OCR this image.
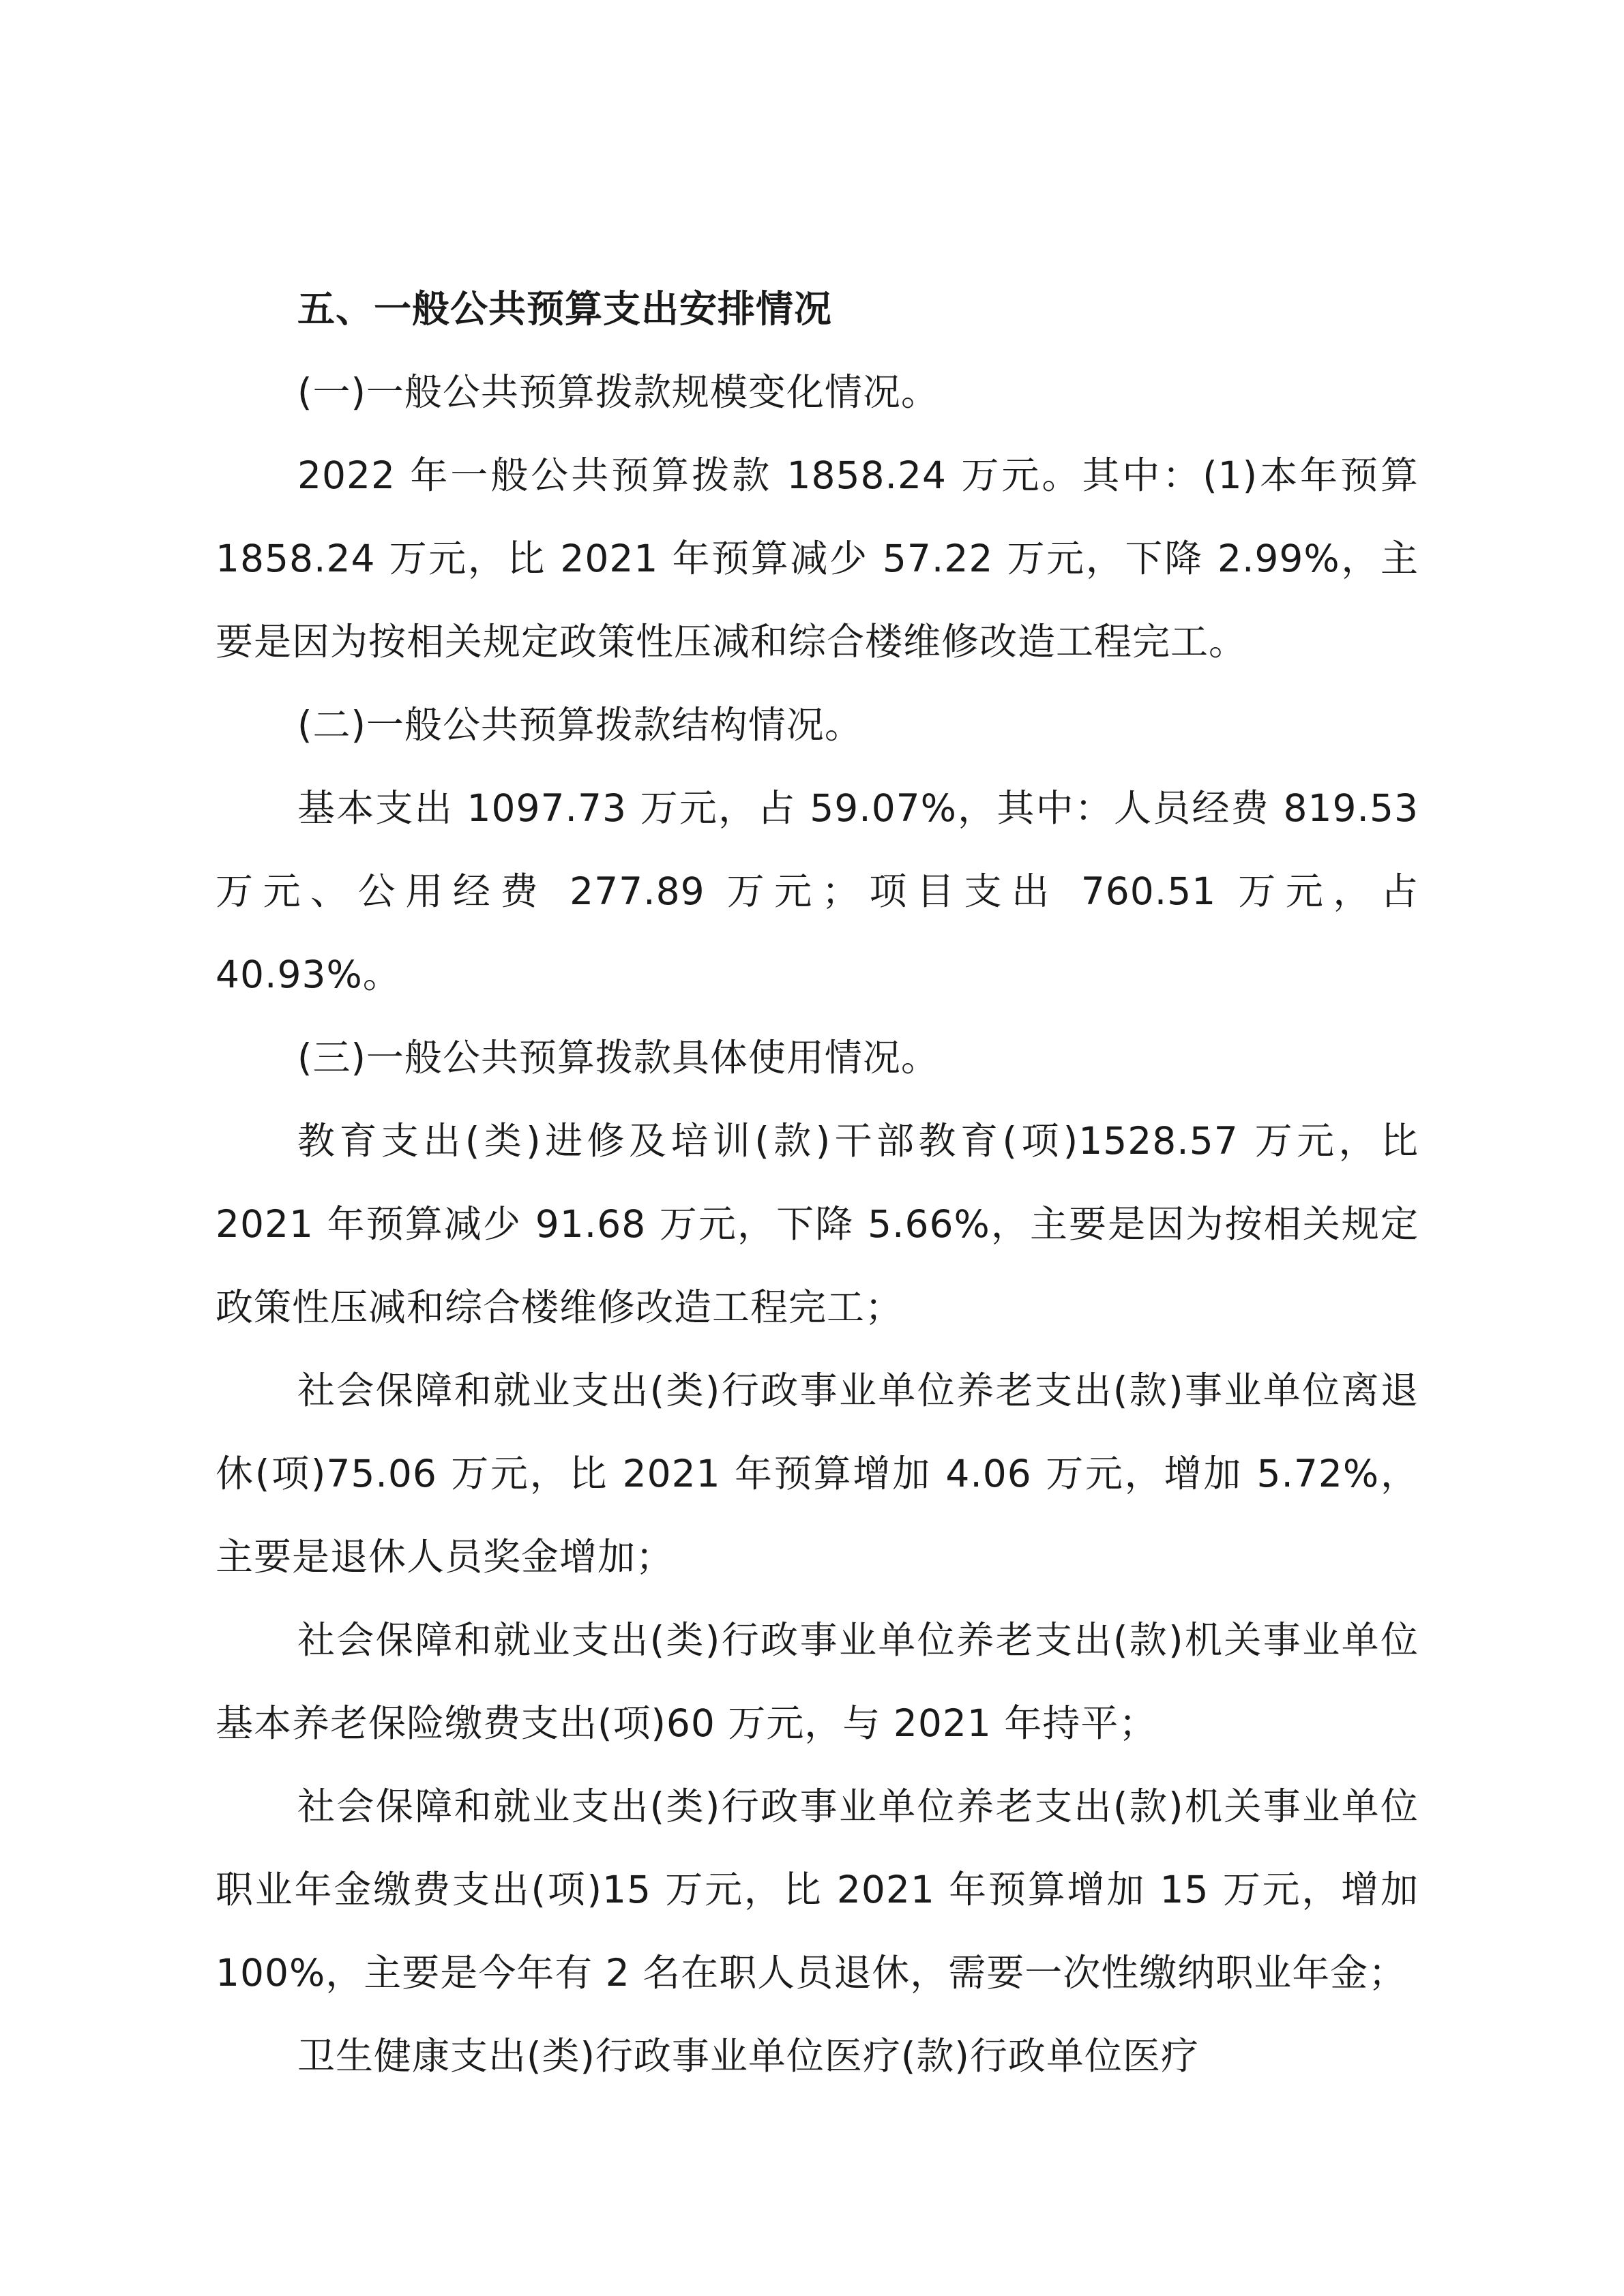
五、一般公共预算支出安排情况

(一)一般公共预算拨款规模变化情况。

2022 年一般公共预算拨款 1858.24 万元。其中：(1)本年预算 1858.24 万元，比 2021 年预算减少 57.22 万元，下降 2.99%，主要是因为按相关规定政策性压减和综合楼维修改造工程完工。

(二)一般公共预算拨款结构情况。

基本支出 1097.73 万元，占 59.07%，其中：人员经费 819.53 万元、公用经费 277.89 万元；项目支出 760.51 万元，占 40.93%。

(三)一般公共预算拨款具体使用情况。

教育支出(类)进修及培训(款)干部教育(项)1528.57 万元，比 2021 年预算减少 91.68 万元，下降 5.66%，主要是因为按相关规定政策性压减和综合楼维修改造工程完工；

社会保障和就业支出(类)行政事业单位养老支出(款)事业单位离退休(项)75.06 万元，比 2021 年预算增加 4.06 万元，增加 5.72%，主要是退休人员奖金增加；

社会保障和就业支出(类)行政事业单位养老支出(款)机关事业单位基本养老保险缴费支出(项)60 万元，与 2021 年持平；

社会保障和就业支出(类)行政事业单位养老支出(款)机关事业单位职业年金缴费支出(项)15 万元，比 2021 年预算增加 15 万元，增加 100%，主要是今年有 2 名在职人员退休，需要一次性缴纳职业年金；

卫生健康支出(类)行政事业单位医疗(款)行政单位医疗
